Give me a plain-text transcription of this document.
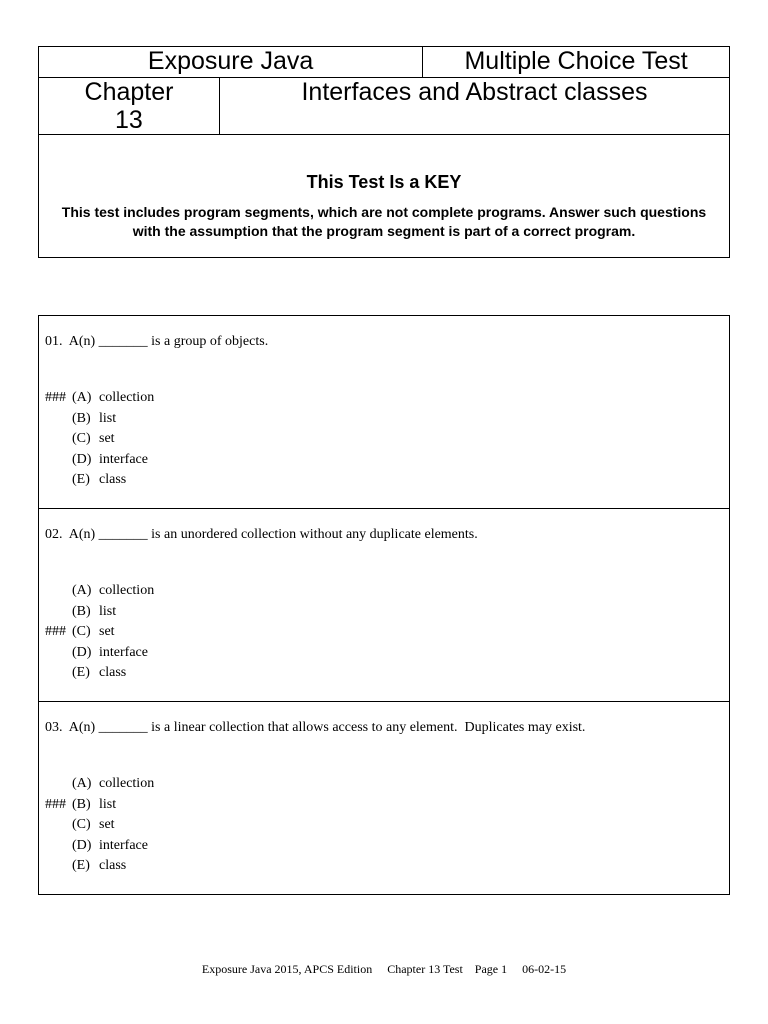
Exposure Java		Multiple Choice Test

Chapter
13	Interfaces and Abstract classes	

This Test Is a KEY
This test includes program segments, which are not complete programs. Answer such questions with the assumption that the program segment is part of a correct program.		
01. A(n) _______ is a group of objects.
### (A) collection
(B) list
(C) set
(D) interface
(E) class

02. A(n) _______ is an unordered collection without any duplicate elements.
(A) collection
(B) list
### (C) set
(D) interface
(E) class

03. A(n) _______ is a linear collection that allows access to any element.  Duplicates may exist.
(A) collection
### (B) list
(C) set
(D) interface
(E) class
Exposure Java 2015, APCS Edition     Chapter 13 Test    Page 1     06-02-15
